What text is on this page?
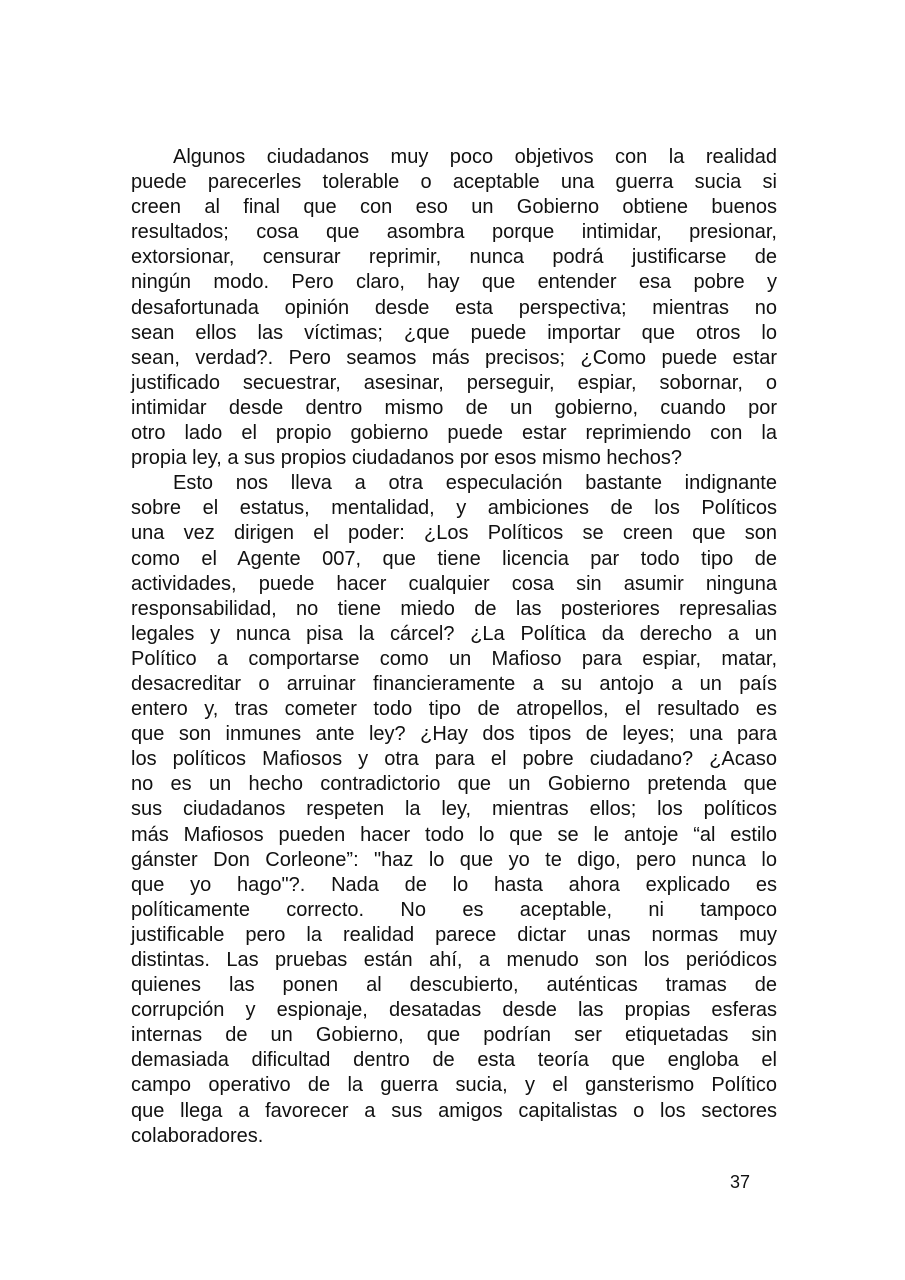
Algunos ciudadanos muy poco objetivos con la realidad
puede parecerles tolerable o aceptable una guerra sucia si
creen al final que con eso un Gobierno obtiene buenos
resultados; cosa que asombra porque intimidar, presionar,
extorsionar, censurar reprimir, nunca podrá justificarse de
ningún modo. Pero claro, hay que entender esa pobre y
desafortunada opinión desde esta perspectiva; mientras no
sean ellos las víctimas; ¿que puede importar que otros lo
sean, verdad?. Pero seamos más precisos; ¿Como puede estar
justificado secuestrar, asesinar, perseguir, espiar, sobornar, o
intimidar desde dentro mismo de un gobierno, cuando por
otro lado el propio gobierno puede estar reprimiendo con la
propia ley, a sus propios ciudadanos por esos mismo hechos?
Esto nos lleva a otra especulación bastante indignante
sobre el estatus, mentalidad, y ambiciones de los Políticos
una vez dirigen el poder: ¿Los Políticos se creen que son
como el Agente 007, que tiene licencia par todo tipo de
actividades, puede hacer cualquier cosa sin asumir ninguna
responsabilidad, no tiene miedo de las posteriores represalias
legales y nunca pisa la cárcel? ¿La Política da derecho a un
Político a comportarse como un Mafioso para espiar, matar,
desacreditar o arruinar financieramente a su antojo a un país
entero y, tras cometer todo tipo de atropellos, el resultado es
que son inmunes ante ley? ¿Hay dos tipos de leyes; una para
los políticos Mafiosos y otra para el pobre ciudadano? ¿Acaso
no es un hecho contradictorio que un Gobierno pretenda que
sus ciudadanos respeten la ley, mientras ellos; los políticos
más Mafiosos pueden hacer todo lo que se le antoje “al estilo
gánster Don Corleone”: "haz lo que yo te digo, pero nunca lo
que yo hago"?. Nada de lo hasta ahora explicado es
políticamente correcto. No es aceptable, ni tampoco
justificable pero la realidad parece dictar unas normas muy
distintas. Las pruebas están ahí, a menudo son los periódicos
quienes las ponen al descubierto, auténticas tramas de
corrupción y espionaje, desatadas desde las propias esferas
internas de un Gobierno, que podrían ser etiquetadas sin
demasiada dificultad dentro de esta teoría que engloba el
campo operativo de la guerra sucia, y el gansterismo Político
que llega a favorecer a sus amigos capitalistas o los sectores
colaboradores.
37
